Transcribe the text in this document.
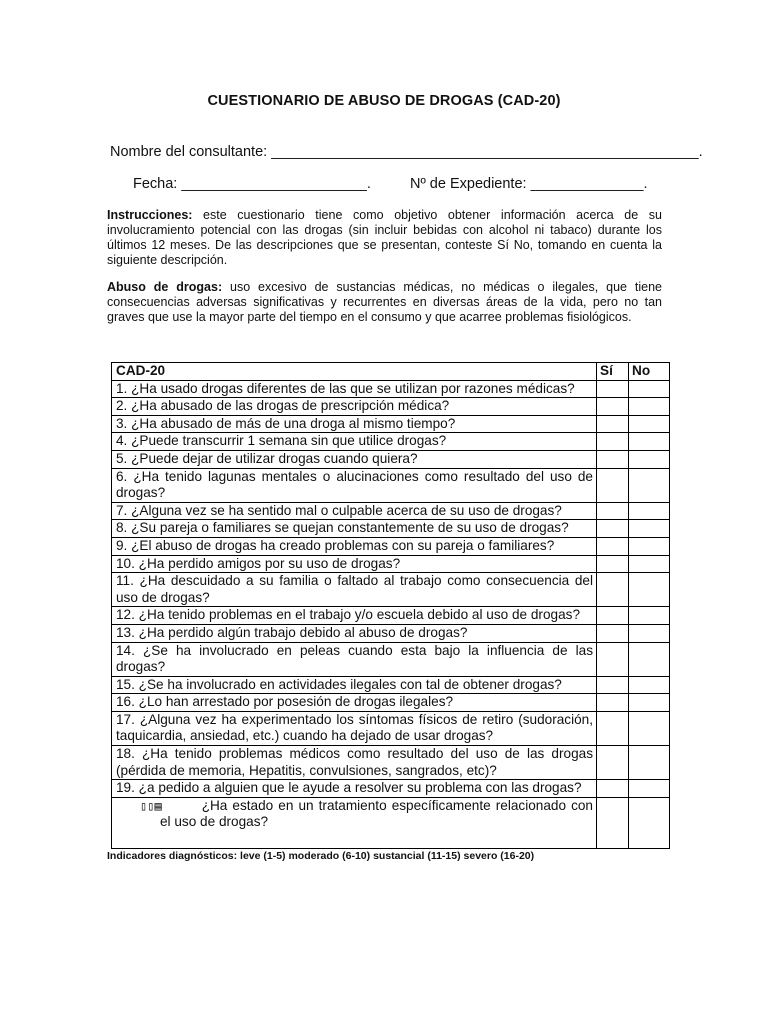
CUESTIONARIO DE ABUSO DE DROGAS (CAD-20)
Nombre del consultante: _____________________________________________________.
Fecha: _______________________.	Nº de Expediente: ______________.
Instrucciones: este cuestionario tiene como objetivo obtener información acerca de su involucramiento potencial con las drogas (sin incluir bebidas con alcohol ni tabaco) durante los últimos 12 meses. De las descripciones que se presentan, conteste Sí No, tomando en cuenta la siguiente descripción.
Abuso de drogas: uso excesivo de sustancias médicas, no médicas o ilegales, que tiene consecuencias adversas significativas y recurrentes en diversas áreas de la vida, pero no tan graves que use la mayor parte del tiempo en el consumo y que acarree problemas fisiológicos.
CAD-20	Sí	No
1. ¿Ha usado drogas diferentes de las que se utilizan por razones médicas?		
2. ¿Ha abusado de las drogas de prescripción médica?		
3. ¿Ha abusado de más de una droga al mismo tiempo?		
4. ¿Puede transcurrir 1 semana sin que utilice drogas?		
5. ¿Puede dejar de utilizar drogas cuando quiera?		
6. ¿Ha tenido lagunas mentales o alucinaciones como resultado del uso de drogas?		
7. ¿Alguna vez se ha sentido mal o culpable acerca de su uso de drogas?		
8. ¿Su pareja o familiares se quejan constantemente de su uso de drogas?		
9. ¿El abuso de drogas ha creado problemas con su pareja o familiares?		
10. ¿Ha perdido amigos por su uso de drogas?		
11. ¿Ha descuidado a su familia o faltado al trabajo como consecuencia del uso de drogas?		
12. ¿Ha tenido problemas en el trabajo y/o escuela debido al uso de drogas?		
13. ¿Ha perdido algún trabajo debido al abuso de drogas?		
14. ¿Se ha involucrado en peleas cuando esta bajo la influencia de las drogas?		
15. ¿Se ha involucrado en actividades ilegales con tal de obtener drogas?		
16. ¿Lo han arrestado por posesión de drogas ilegales?		
17. ¿Alguna vez ha experimentado los síntomas físicos de retiro (sudoración, taquicardia, ansiedad, etc.) cuando ha dejado de usar drogas?		
18. ¿Ha tenido problemas médicos como resultado del uso de las drogas (pérdida de memoria, Hepatitis, convulsiones, sangrados, etc)?		
19. ¿a pedido a alguien que le ayude a resolver su problema con las drogas?		
▯▯▤ ¿Ha estado en un tratamiento específicamente relacionado con el uso de drogas?		
Indicadores diagnósticos: leve (1-5) moderado (6-10) sustancial (11-15) severo (16-20)
